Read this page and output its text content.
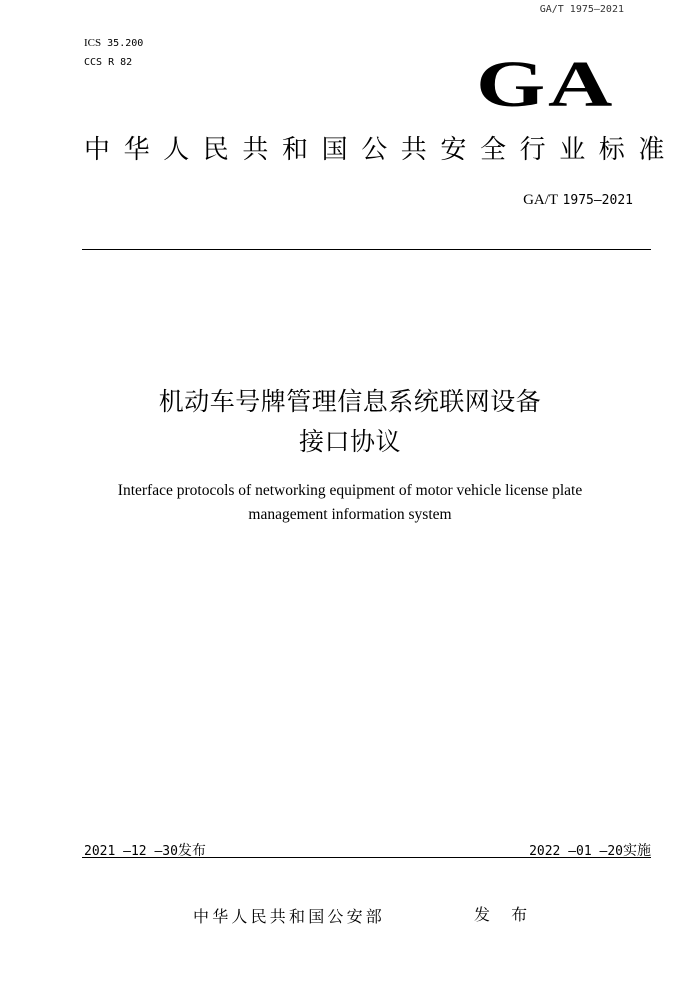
GA/T 1975—2021
ICS 35.200
CCS R 82	GA
中华人民共和国公共安全行业标准
GA/T 1975—2021
机动车号牌管理信息系统联网设备
接口协议
Interface protocols of networking equipment of motor vehicle license plate
management information system
2021 —12 —30发布	2022 —01 —20实施
中华人民共和国公安部	发 布
